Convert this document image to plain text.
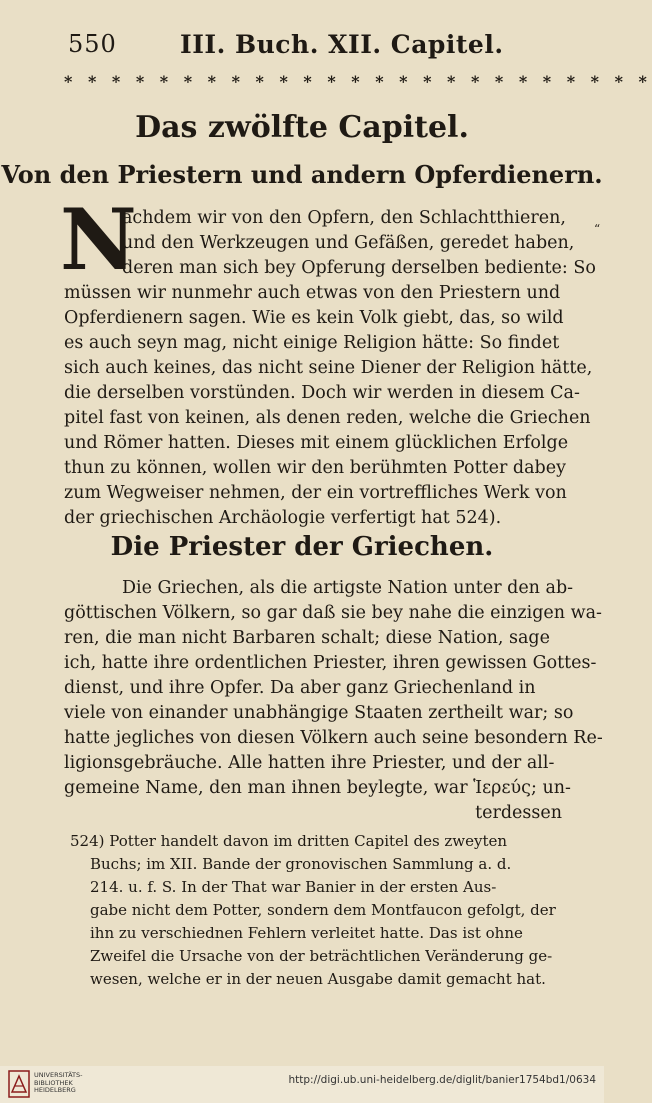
550	III. Buch. XII. Capitel.
* * * * * * * * * * * * * * * * * * * * * * * * *
Das zwölfte Capitel.
Von den Priestern und andern Opferdienern.
N	“
achdem wir von den Opfern, den Schlachtthieren,
und den Werkzeugen und Gefäßen, geredet haben,
deren man sich bey Opferung derselben bediente: So
müssen wir nunmehr auch etwas von den Priestern und
Opferdienern sagen. Wie es kein Volk giebt, das, so wild
es auch seyn mag, nicht einige Religion hätte: So findet
sich auch keines, das nicht seine Diener der Religion hätte,
die derselben vorstünden. Doch wir werden in diesem Ca-
pitel fast von keinen, als denen reden, welche die Griechen
und Römer hatten. Dieses mit einem glücklichen Erfolge
thun zu können, wollen wir den berühmten Potter dabey
zum Wegweiser nehmen, der ein vortreffliches Werk von
der griechischen Archäologie verfertigt hat 524).
Die Priester der Griechen.
Die Griechen, als die artigste Nation unter den ab-
göttischen Völkern, so gar daß sie bey nahe die einzigen wa-
ren, die man nicht Barbaren schalt; diese Nation, sage
ich, hatte ihre ordentlichen Priester, ihren gewissen Gottes-
dienst, und ihre Opfer. Da aber ganz Griechenland in
viele von einander unabhängige Staaten zertheilt war; so
hatte jegliches von diesen Völkern auch seine besondern Re-
ligionsgebräuche. Alle hatten ihre Priester, und der all-
gemeine Name, den man ihnen beylegte, war Ἱερεύς; un-
terdessen
524) Potter handelt davon im dritten Capitel des zweyten
Buchs; im XII. Bande der gronovischen Sammlung a. d.
214. u. f. S. In der That war Banier in der ersten Aus-
gabe nicht dem Potter, sondern dem Montfaucon gefolgt, der
ihn zu verschiednen Fehlern verleitet hatte. Das ist ohne
Zweifel die Ursache von der beträchtlichen Veränderung ge-
wesen, welche er in der neuen Ausgabe damit gemacht hat.
UNIVERSITÄTS-
BIBLIOTHEK
HEIDELBERG
http://digi.ub.uni-heidelberg.de/diglit/banier1754bd1/0634
